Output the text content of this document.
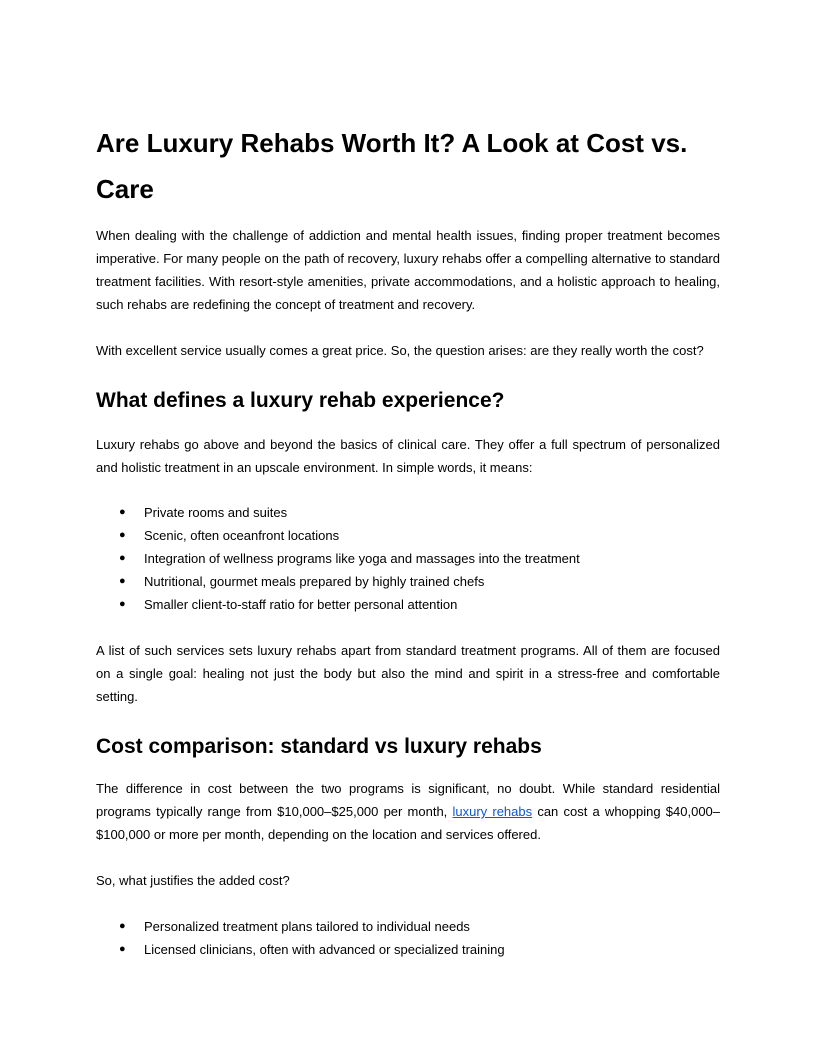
Are Luxury Rehabs Worth It? A Look at Cost vs. Care

When dealing with the challenge of addiction and mental health issues, finding proper treatment becomes imperative. For many people on the path of recovery, luxury rehabs offer a compelling alternative to standard treatment facilities. With resort-style amenities, private accommodations, and a holistic approach to healing, such rehabs are redefining the concept of treatment and recovery.

With excellent service usually comes a great price. So, the question arises: are they really worth the cost?

What defines a luxury rehab experience?

Luxury rehabs go above and beyond the basics of clinical care. They offer a full spectrum of personalized and holistic treatment in an upscale environment. In simple words, it means:

● Private rooms and suites
● Scenic, often oceanfront locations
● Integration of wellness programs like yoga and massages into the treatment
● Nutritional, gourmet meals prepared by highly trained chefs
● Smaller client-to-staff ratio for better personal attention

A list of such services sets luxury rehabs apart from standard treatment programs. All of them are focused on a single goal: healing not just the body but also the mind and spirit in a stress-free and comfortable setting.

Cost comparison: standard vs luxury rehabs

The difference in cost between the two programs is significant, no doubt. While standard residential programs typically range from $10,000–$25,000 per month, luxury rehabs can cost a whopping $40,000–$100,000 or more per month, depending on the location and services offered.

So, what justifies the added cost?

● Personalized treatment plans tailored to individual needs
● Licensed clinicians, often with advanced or specialized training
